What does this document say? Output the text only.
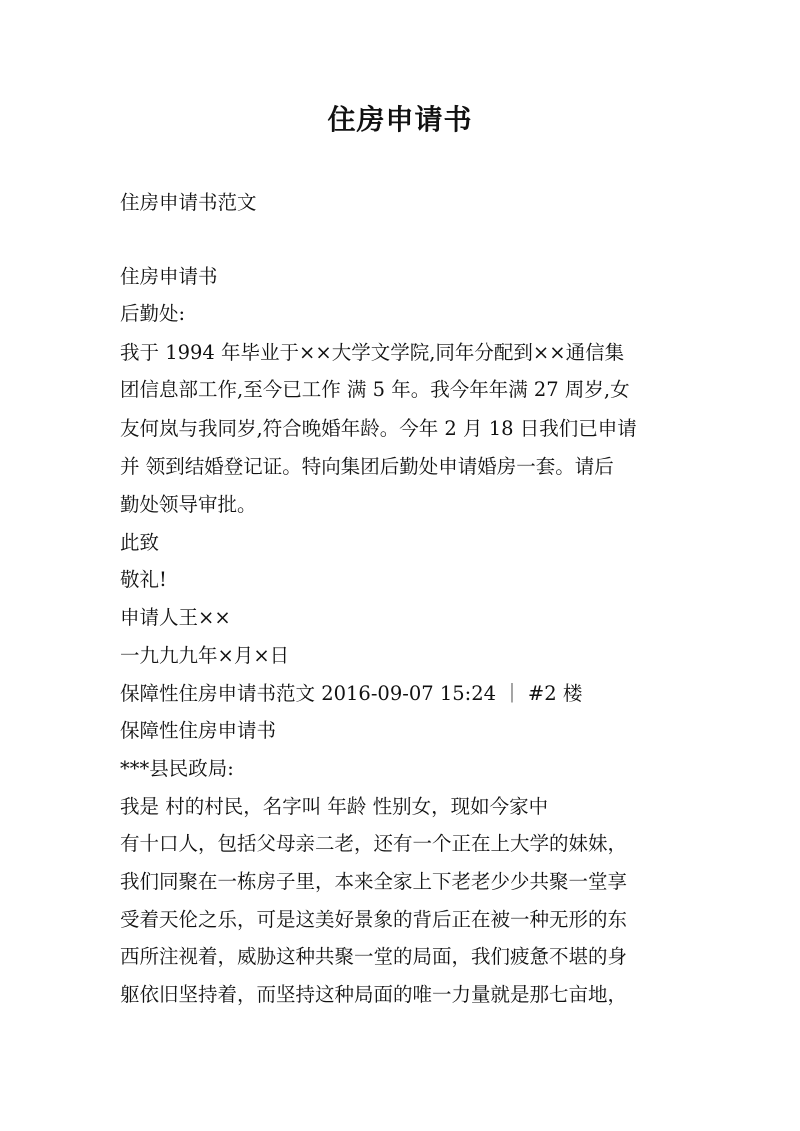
住房申请书
住房申请书范文
住房申请书
后勤处:
我于 1994 年毕业于××大学文学院,同年分配到××通信集
团信息部工作,至今已工作 满 5 年。我今年年满 27 周岁,女
友何岚与我同岁,符合晚婚年龄。今年 2 月 18 日我们已申请
并 领到结婚登记证。特向集团后勤处申请婚房一套。请后
勤处领导审批。
此致
敬礼!
申请人王××
一九九九年×月×日
保障性住房申请书范文 2016-09-07 15:24 ｜ #2 楼
保障性住房申请书
***县民政局:
我是 村的村民，名字叫 年龄 性别女，现如今家中
有十口人，包括父母亲二老，还有一个正在上大学的妹妹，
我们同聚在一栋房子里，本来全家上下老老少少共聚一堂享
受着天伦之乐，可是这美好景象的背后正在被一种无形的东
西所注视着，威胁这种共聚一堂的局面，我们疲惫不堪的身
躯依旧坚持着，而坚持这种局面的唯一力量就是那七亩地，
